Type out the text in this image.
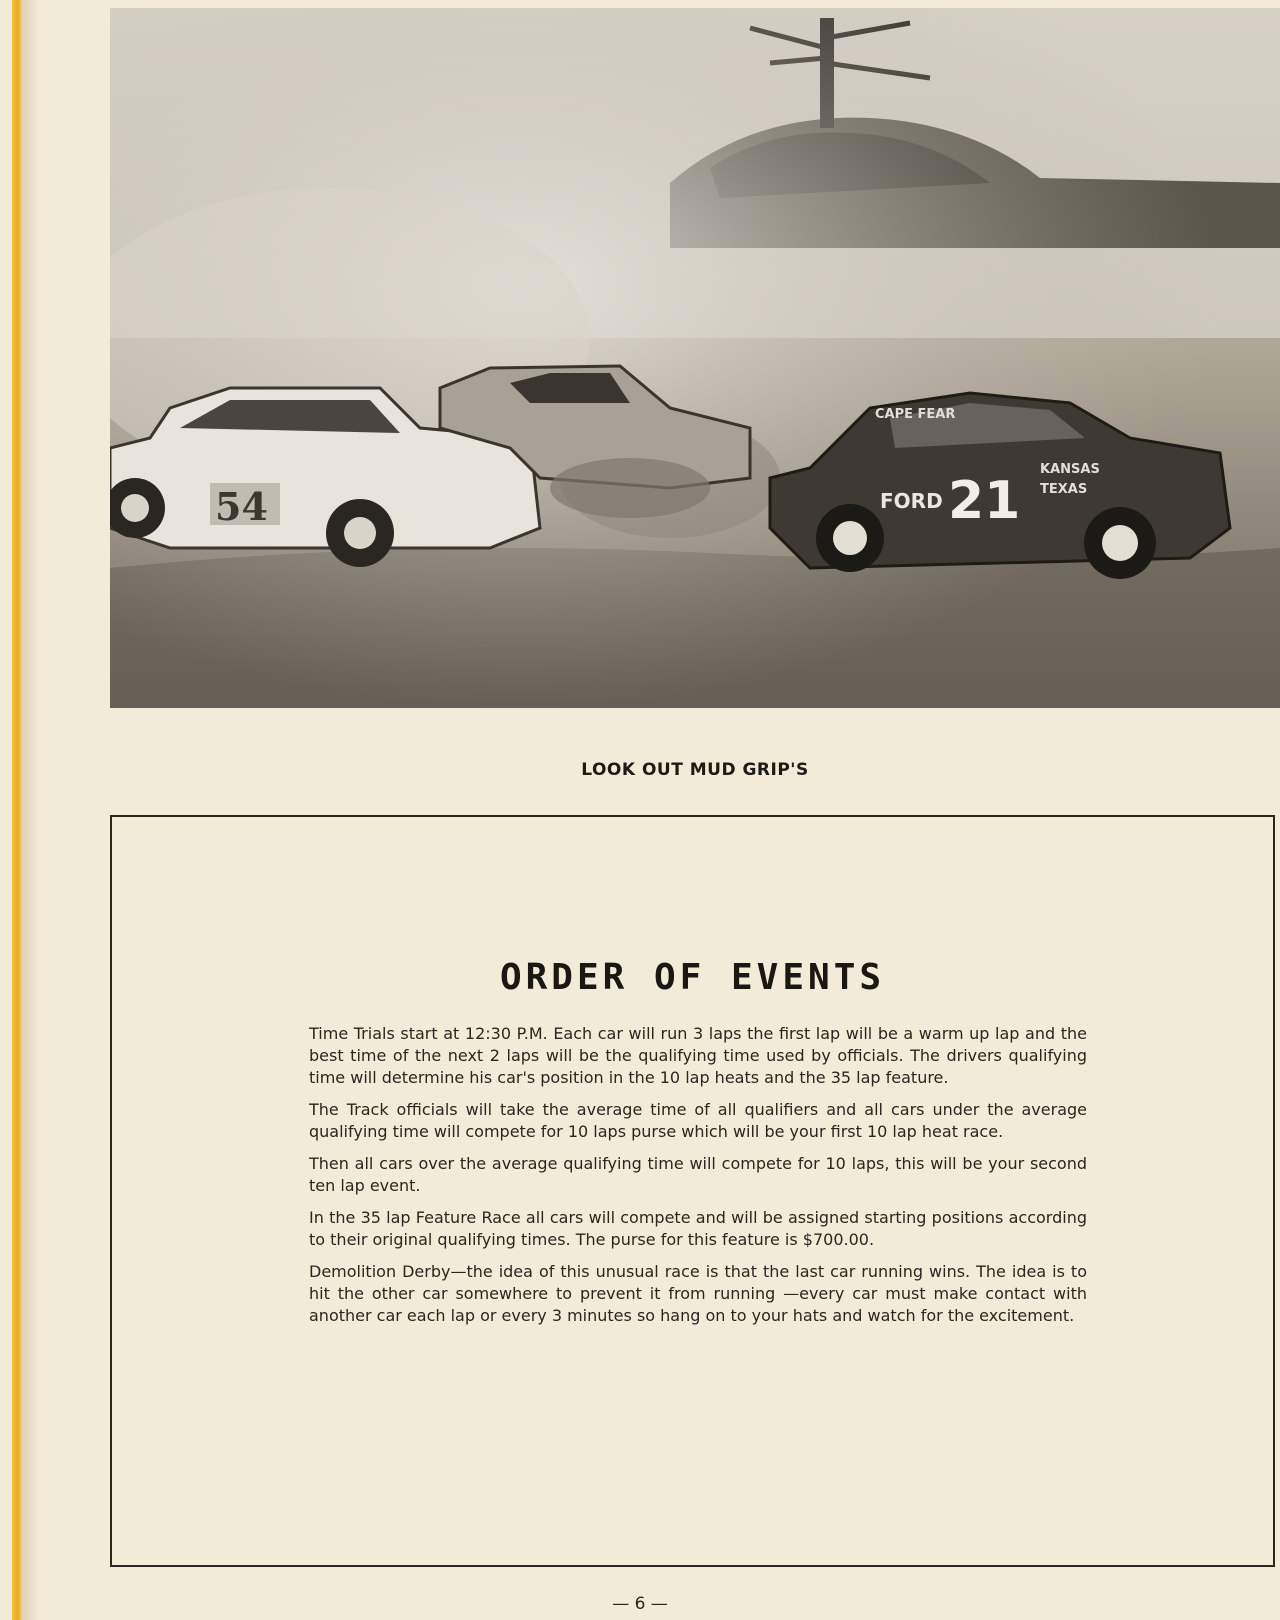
54
CAPE FEAR
FORD 21
KANSAS
TEXAS
LOOK OUT MUD GRIP'S
ORDER OF EVENTS

Time Trials start at 12:30 P.M. Each car will run 3 laps the first lap will be a warm up lap and the best time of the next 2 laps will be the qualifying time used by officials. The drivers qualifying time will determine his car's position in the 10 lap heats and the 35 lap feature.

The Track officials will take the average time of all qualifiers and all cars under the average qualifying time will compete for 10 laps purse which will be your first 10 lap heat race.

Then all cars over the average qualifying time will compete for 10 laps, this will be your second ten lap event.

In the 35 lap Feature Race all cars will compete and will be assigned starting positions according to their original qualifying times. The purse for this feature is $700.00.

Demolition Derby—the idea of this unusual race is that the last car running wins. The idea is to hit the other car somewhere to prevent it from running —every car must make contact with another car each lap or every 3 minutes so hang on to your hats and watch for the excitement.

— 6 —
